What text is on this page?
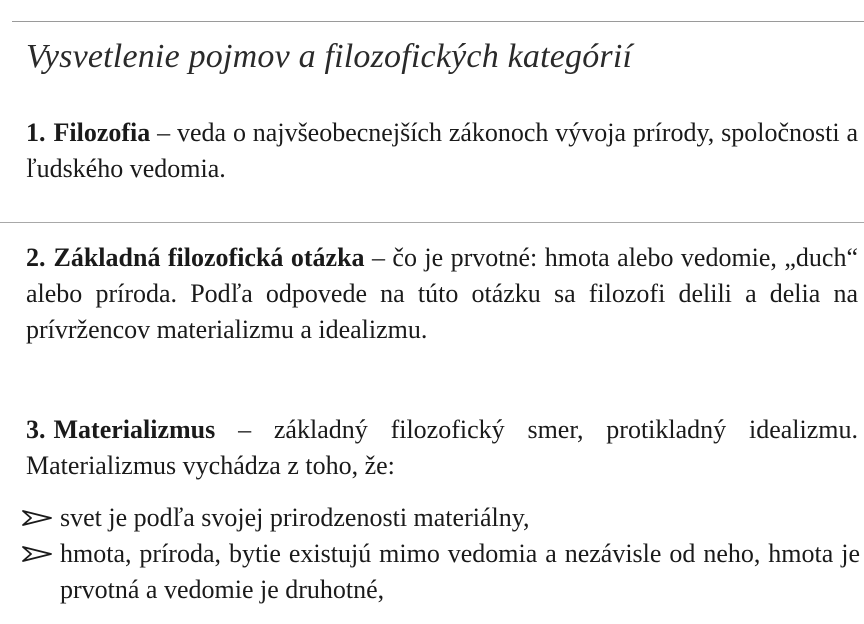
Vysvetlenie pojmov a filozofických kategórií
1. Filozofia – veda o najvšeobecnejších zákonoch vývoja prírody, spoločnosti a ľudského vedomia.
2. Základná filozofická otázka – čo je prvotné: hmota alebo vedomie, „duch“ alebo príroda. Podľa odpovede na túto otázku sa filozofi delili a delia na prívržencov materializmu a idealizmu.
3. Materializmus – základný filozofický smer, protikladný idealizmu. Materializmus vychádza z toho, že:
svet je podľa svojej prirodzenosti materiálny,
hmota, príroda, bytie existujú mimo vedomia a nezávisle od neho, hmota je prvotná a vedomie je druhotné,
